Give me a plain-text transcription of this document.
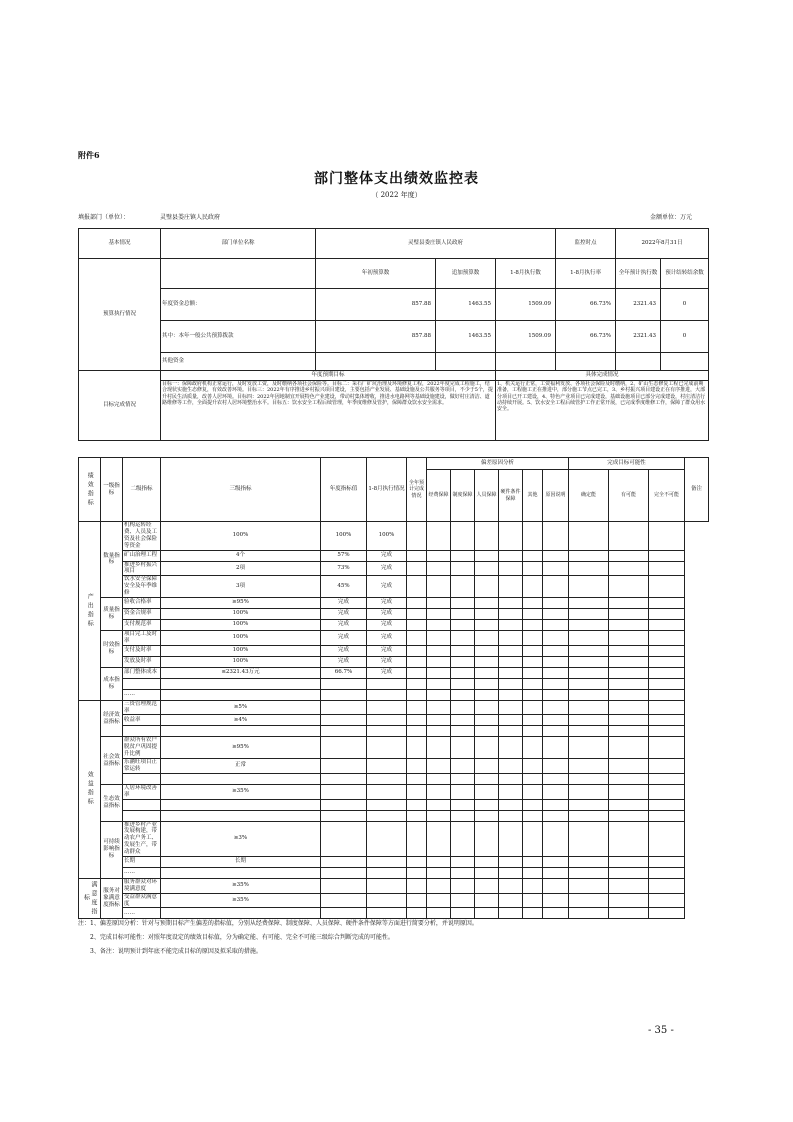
附件6
部门整体支出绩效监控表
（ 2022 年度）
填报部门（单位）：	灵璧县娄庄镇人民政府	金额单位：万元
基本情况	部门单位名称	灵璧县娄庄镇人民政府			监控时点	2022年8月31日	
预算执行情况		年初预算数	追加预算数	1-8月执行数	1-8月执行率	全年预计执行数	预计结转结余数
	年度资金总额：	857.88	1463.55	1509.09	66.73%	2321.43	0
	其中：本年一般公共预算拨款	857.88	1463.55	1509.09	66.73%	2321.43	0
	其他资金						
目标完成情况	年度预期目标			具体完成情况			
	目标一：保障政府机构正常运行，及时发放工资，及时缴纳各项社会保险等。目标二：采石厂矿坑治理及环境修复工程，2022年度完成工程施工，结合现状实施生态修复，有效改善环境。目标三：2022年有序推进乡村振兴项目建设，主要包括产业发展、基础设施及公共服务等项目，不少于5个，提升村民生活质量，改善人居环境。目标四：2022年因地制宜开展特色产业建设，带动村集体增收，推进水电路网等基础设施建设，做好村庄清洁、道路维修等工作，全面提升农村人居环境整治水平。目标五：饮水安全工程后续管理，年季度维修及管护，保障群众饮水安全需求。			1、机关运行正常，工资福利发放、各项社会保险及时缴纳，2、矿山生态修复工程已完成前期准备，工程施工正在推进中，部分施工节点已完工，3、乡村振兴项目建设正在有序推进，大部分项目已开工建设，4、特色产业项目已完成建设，基础设施项目已部分完成建设，村庄清洁行动持续开展。5、饮水安全工程后续管护工作正常开展，已完成季度维修工作，保障了群众用水安全。			
绩效指标	一级指标	二级指标	三级指标	年度指标值	1-8月执行情况	全年预计完成情况	偏差原因分析						完成目标可能性			备注
							经费保障	制度保障	人员保障	硬件条件保障	其他	原因说明	确定能	有可能	完全不可能	

产出指标	数量指标	机构运转经费、人员及工资及社会保险等资金	100%	100%	100%											
		矿山治理工程	4个	57%	完成											
		推进乡村振兴项目	2项	73%	完成											
		饮水安全保障安全及年季维修	3项	45%	完成											
	质量指标	验收合格率	≥95%	完成	完成											
		资金合规率	100%	完成	完成											
		支付规范率	100%	完成	完成											
	时效指标	项目完工及时率	100%	完成	完成											
		支付及时率	100%	完成	完成											
		发放及时率	100%	完成	完成											
	成本指标	部门整体成本	≤2321.43万元	66.7%	完成											

		……														
效益指标	经济效益指标	三资管理规范率	≥5%													
		收益率	≥4%													

	社会效益指标	群众所有农户脱贫户巩固提升比例	≥95%													
		乐涵旺项目正常运转	正常													

	生态效益指标	人居环境改善率	≥35%													

	可持续影响指标	推进乡村产业发展构建，带动农户务工、发展生产，带动群众	≥3%													
		长期	长期													
		……														
满意度指标	服务对象满意度指标	服务群众对环境满意度	≥35%													
		受益群众满意度	≥35%													
		……														
注：1、偏差原因分析：针对与预期目标产生偏差的指标值，分别从经费保障、制度保障、人员保障、硬件条件保障等方面进行简要分析，并说明原因。
2、完成目标可能性：对照年度设定的绩效目标值，分为确定能、有可能、完全不可能三级综合判断完成的可能性。
3、备注：说明预计到年底不能完成目标的原因及拟采取的措施。
- 35 -
